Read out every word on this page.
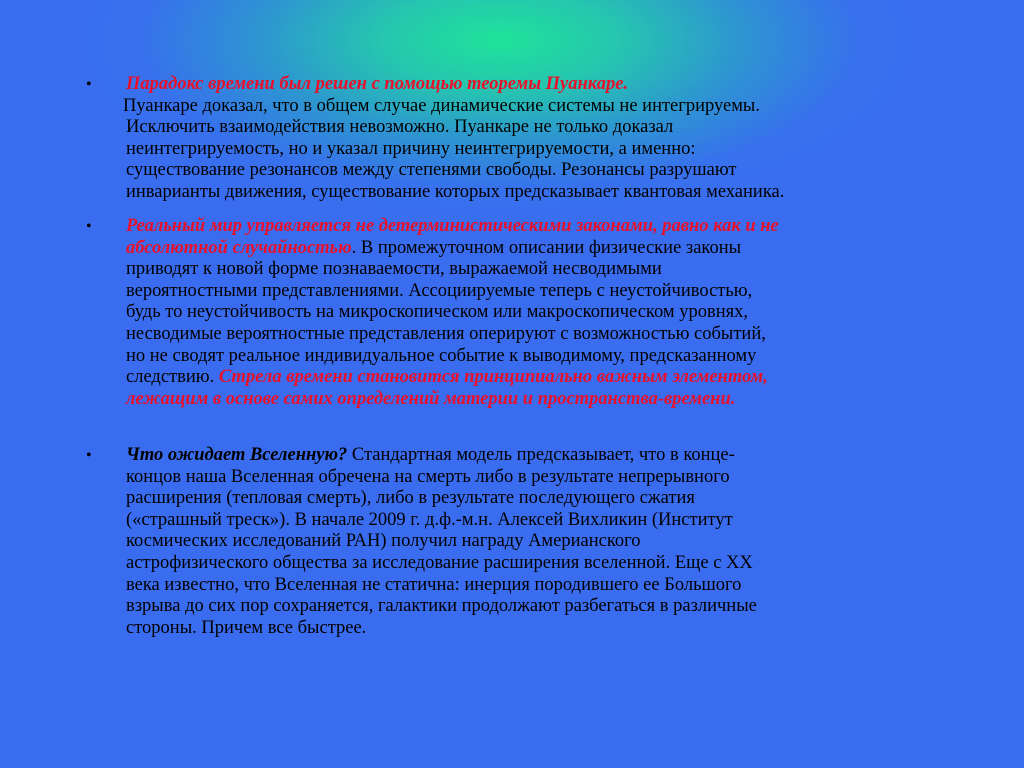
• Парадокс времени был решен с помощью теоремы Пуанкаре.
Пуанкаре доказал, что в общем случае динамические системы не интегрируемы.
Исключить взаимодействия невозможно. Пуанкаре не только доказал
неинтегрируемость, но и указал причину неинтегрируемости, а именно:
существование резонансов между степенями свободы. Резонансы разрушают
инварианты движения, существование которых предсказывает квантовая механика.
• Реальный мир управляется не детерминистическими законами, равно как и не
абсолютной случайностью. В промежуточном описании физические законы
приводят к новой форме познаваемости, выражаемой несводимыми
вероятностными представлениями. Ассоциируемые теперь с неустойчивостью,
будь то неустойчивость на микроскопическом или макроскопическом уровнях,
несводимые вероятностные представления оперируют с возможностью событий,
но не сводят реальное индивидуальное событие к выводимому, предсказанному
следствию. Стрела времени становится принципиально важным элементом,
лежащим в основе самих определений материи и пространства-времени.
• Что ожидает Вселенную? Стандартная модель предсказывает, что в конце-
концов наша Вселенная обречена на смерть либо в результате непрерывного
расширения (тепловая смерть), либо в результате последующего сжатия
(«страшный треск»). В начале 2009 г. д.ф.-м.н. Алексей Вихликин (Институт
космических исследований РАН) получил награду Америанского
астрофизического общества за исследование расширения вселенной. Еще с XX
века известно, что Вселенная не статична: инерция породившего ее Большого
взрыва до сих пор сохраняется, галактики продолжают разбегаться в различные
стороны. Причем все быстрее.
